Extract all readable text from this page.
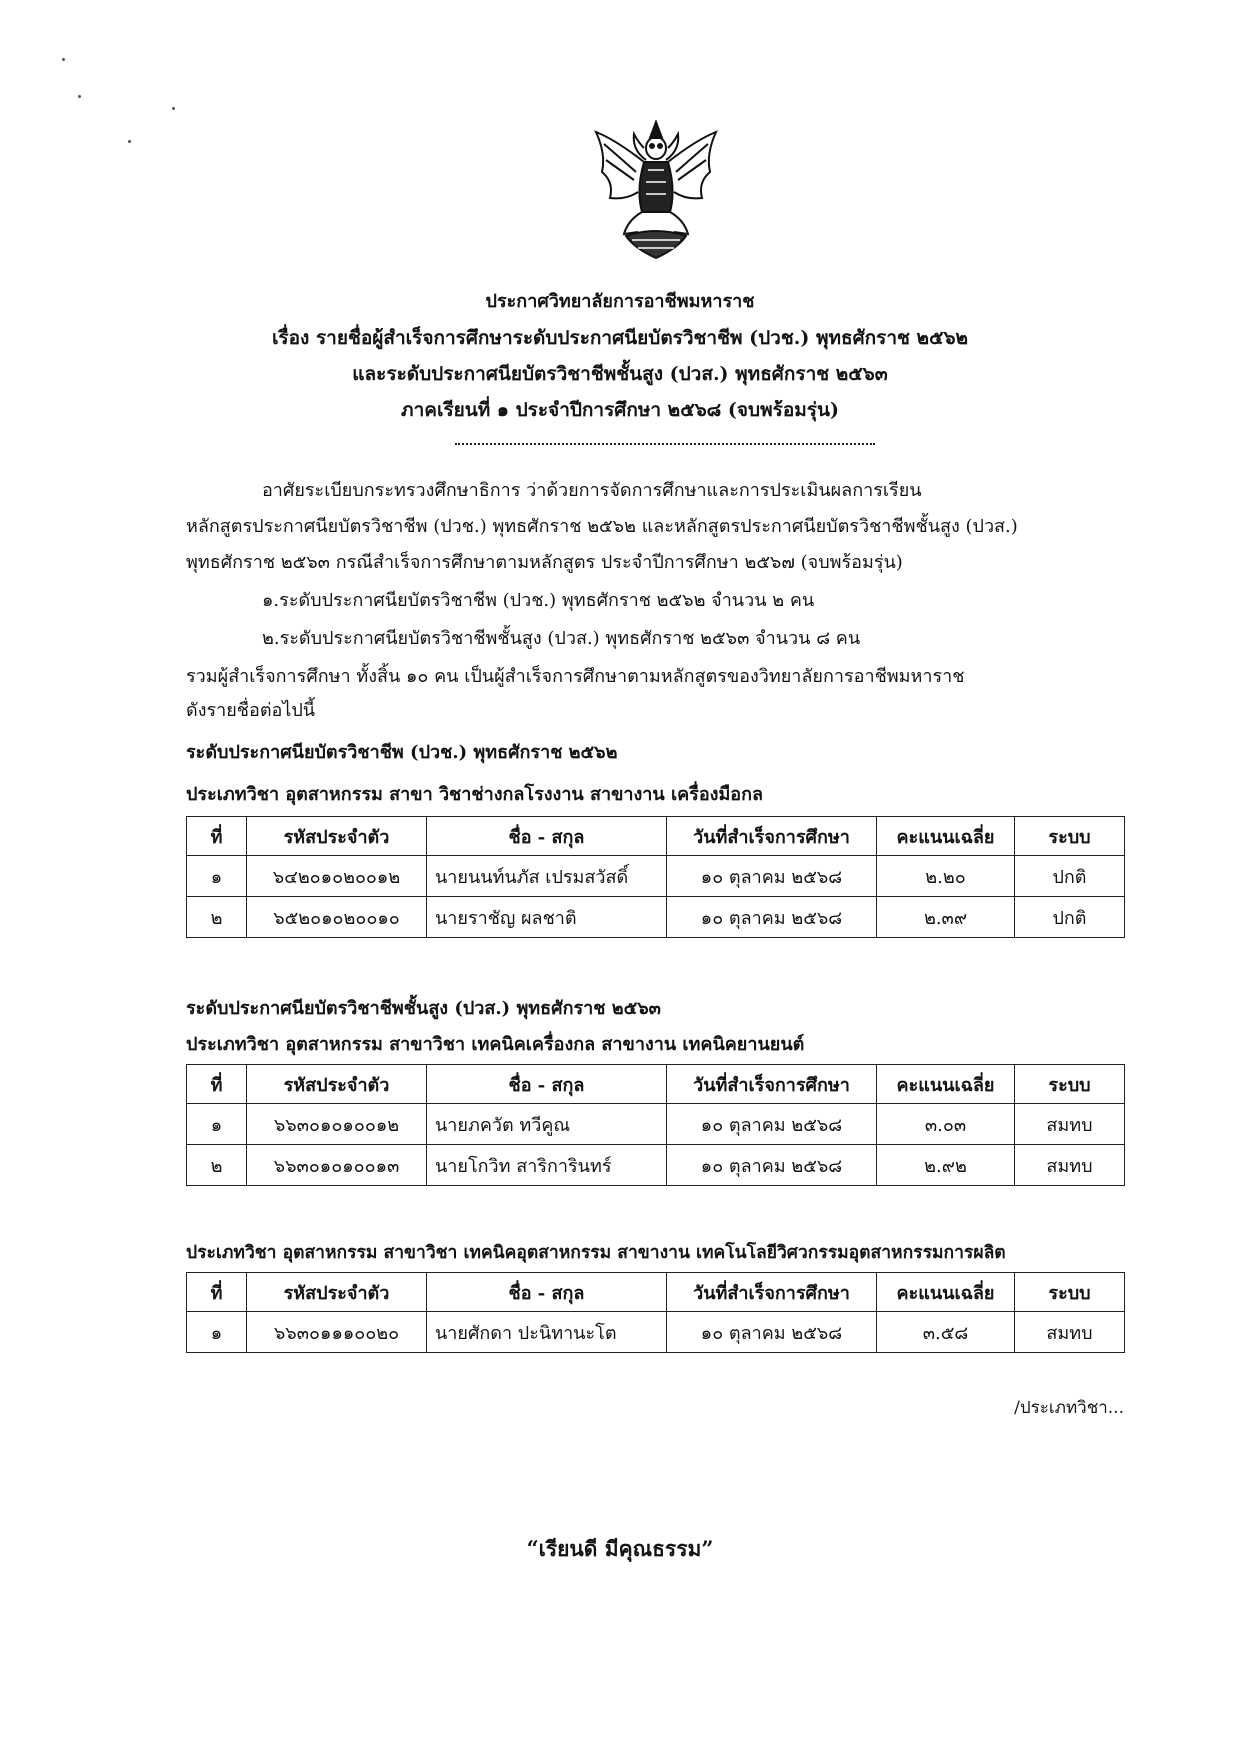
ประกาศวิทยาลัยการอาชีพมหาราช
เรื่อง รายชื่อผู้สำเร็จการศึกษาระดับประกาศนียบัตรวิชาชีพ (ปวช.) พุทธศักราช ๒๕๖๒
และระดับประกาศนียบัตรวิชาชีพชั้นสูง (ปวส.) พุทธศักราช ๒๕๖๓
ภาคเรียนที่ ๑ ประจำปีการศึกษา ๒๕๖๘ (จบพร้อมรุ่น)
อาศัยระเบียบกระทรวงศึกษาธิการ ว่าด้วยการจัดการศึกษาและการประเมินผลการเรียน
หลักสูตรประกาศนียบัตรวิชาชีพ (ปวช.) พุทธศักราช ๒๕๖๒ และหลักสูตรประกาศนียบัตรวิชาชีพชั้นสูง (ปวส.)
พุทธศักราช ๒๕๖๓ กรณีสำเร็จการศึกษาตามหลักสูตร ประจำปีการศึกษา ๒๕๖๗ (จบพร้อมรุ่น)
๑.ระดับประกาศนียบัตรวิชาชีพ (ปวช.) พุทธศักราช ๒๕๖๒ จำนวน ๒ คน
๒.ระดับประกาศนียบัตรวิชาชีพชั้นสูง (ปวส.) พุทธศักราช ๒๕๖๓ จำนวน ๘ คน
รวมผู้สำเร็จการศึกษา ทั้งสิ้น ๑๐ คน เป็นผู้สำเร็จการศึกษาตามหลักสูตรของวิทยาลัยการอาชีพมหาราช
ดังรายชื่อต่อไปนี้
ระดับประกาศนียบัตรวิชาชีพ (ปวช.) พุทธศักราช ๒๕๖๒
ประเภทวิชา อุตสาหกรรม สาขา วิชาช่างกลโรงงาน สาขางาน เครื่องมือกล
ที่	รหัสประจำตัว	ชื่อ - สกุล	วันที่สำเร็จการศึกษา	คะแนนเฉลี่ย	ระบบ
๑	๖๔๒๐๑๐๒๐๐๑๒	นายนนท์นภัส เปรมสวัสดิ์	๑๐ ตุลาคม ๒๕๖๘	๒.๒๐	ปกติ
๒	๖๕๒๐๑๐๒๐๐๑๐	นายราชัญ ผลชาติ	๑๐ ตุลาคม ๒๕๖๘	๒.๓๙	ปกติ
ระดับประกาศนียบัตรวิชาชีพชั้นสูง (ปวส.) พุทธศักราช ๒๕๖๓
ประเภทวิชา อุตสาหกรรม สาขาวิชา เทคนิคเครื่องกล สาขางาน เทคนิคยานยนต์
ที่	รหัสประจำตัว	ชื่อ - สกุล	วันที่สำเร็จการศึกษา	คะแนนเฉลี่ย	ระบบ
๑	๖๖๓๐๑๐๑๐๐๑๒	นายภควัต ทวีคูณ	๑๐ ตุลาคม ๒๕๖๘	๓.๐๓	สมทบ
๒	๖๖๓๐๑๐๑๐๐๑๓	นายโกวิท สาริการินทร์	๑๐ ตุลาคม ๒๕๖๘	๒.๙๒	สมทบ
ประเภทวิชา อุตสาหกรรม สาขาวิชา เทคนิคอุตสาหกรรม สาขางาน เทคโนโลยีวิศวกรรมอุตสาหกรรมการผลิต
ที่	รหัสประจำตัว	ชื่อ - สกุล	วันที่สำเร็จการศึกษา	คะแนนเฉลี่ย	ระบบ
๑	๖๖๓๐๑๑๑๐๐๒๐	นายศักดา ปะนิทานะโต	๑๐ ตุลาคม ๒๕๖๘	๓.๕๘	สมทบ
/ประเภทวิชา...
“เรียนดี มีคุณธรรม”
